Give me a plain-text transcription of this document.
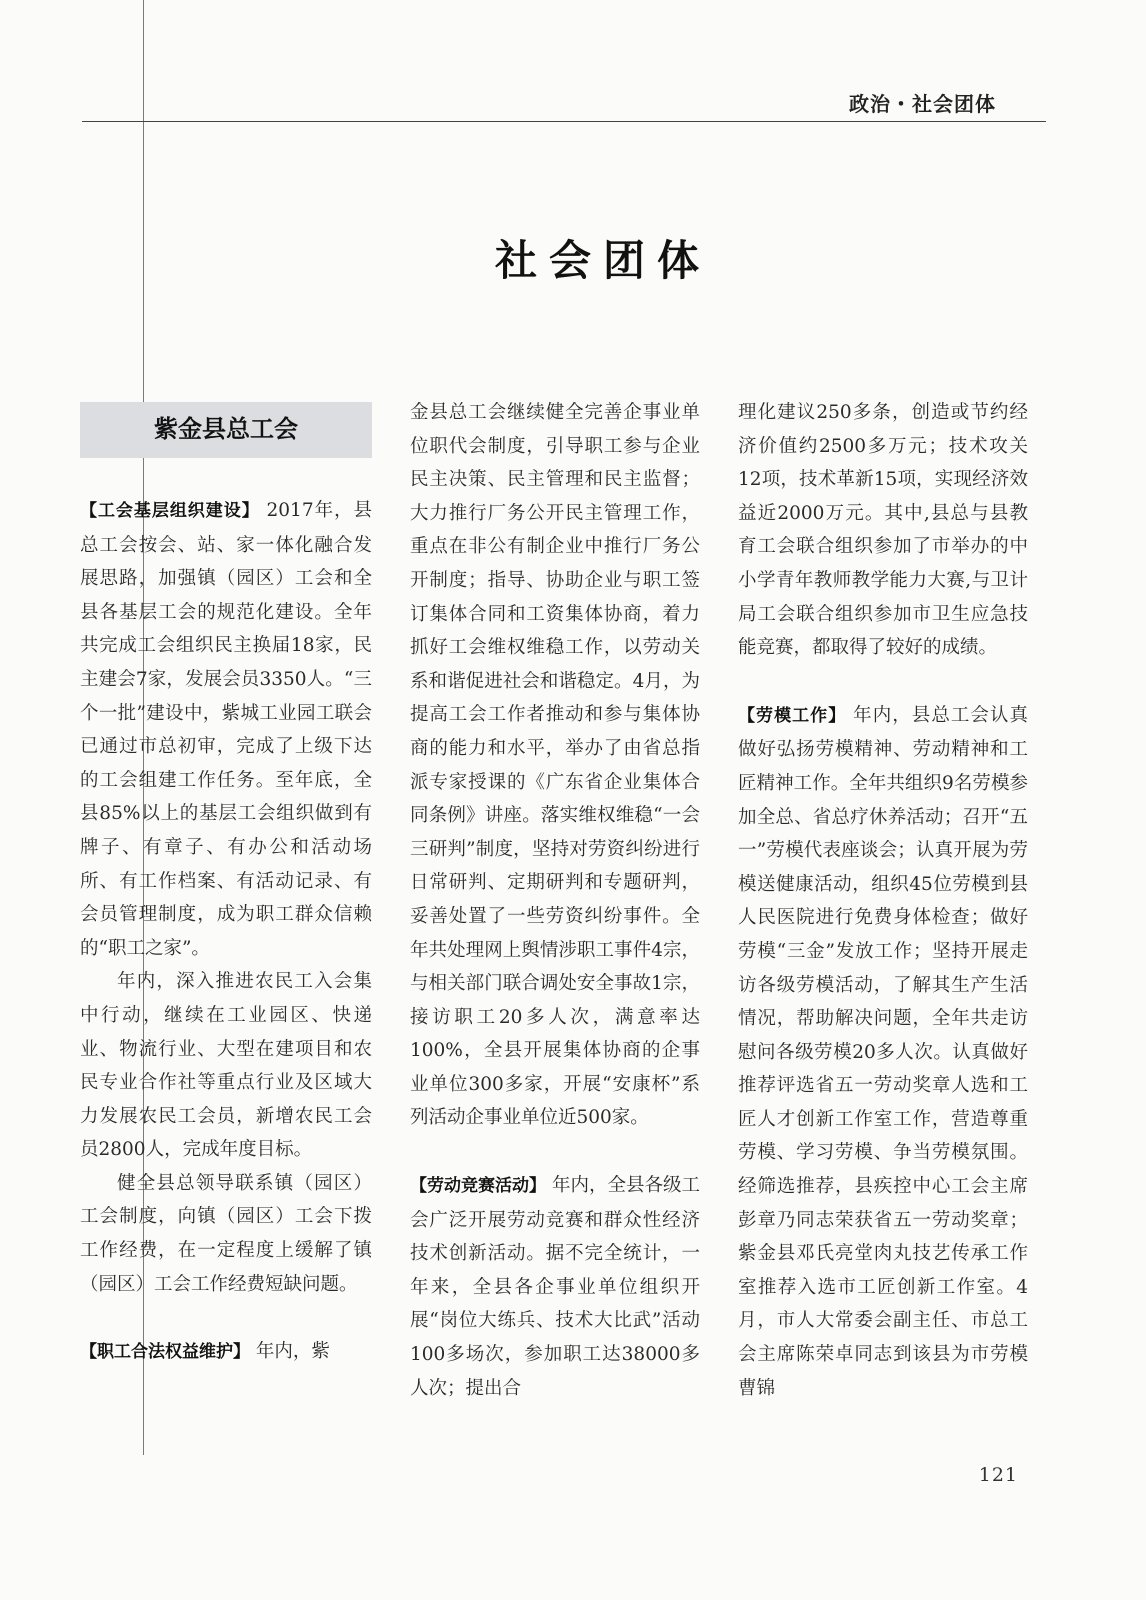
政治・社会团体
社会团体
紫金县总工会

【工会基层组织建设】 2017年，县总工会按会、站、家一体化融合发展思路，加强镇（园区）工会和全县各基层工会的规范化建设。全年共完成工会组织民主换届18家，民主建会7家，发展会员3350人。“三个一批”建设中，紫城工业园工联会已通过市总初审，完成了上级下达的工会组建工作任务。至年底，全县85%以上的基层工会组织做到有牌子、有章子、有办公和活动场所、有工作档案、有活动记录、有会员管理制度，成为职工群众信赖的“职工之家”。

年内，深入推进农民工入会集中行动，继续在工业园区、快递业、物流行业、大型在建项目和农民专业合作社等重点行业及区域大力发展农民工会员，新增农民工会员2800人，完成年度目标。

健全县总领导联系镇（园区）工会制度，向镇（园区）工会下拨工作经费，在一定程度上缓解了镇（园区）工会工作经费短缺问题。

【职工合法权益维护】 年内，紫

金县总工会继续健全完善企事业单位职代会制度，引导职工参与企业民主决策、民主管理和民主监督；大力推行厂务公开民主管理工作，重点在非公有制企业中推行厂务公开制度；指导、协助企业与职工签订集体合同和工资集体协商，着力抓好工会维权维稳工作，以劳动关系和谐促进社会和谐稳定。4月，为提高工会工作者推动和参与集体协商的能力和水平，举办了由省总指派专家授课的《广东省企业集体合同条例》讲座。落实维权维稳“一会三研判”制度，坚持对劳资纠纷进行日常研判、定期研判和专题研判，妥善处置了一些劳资纠纷事件。全年共处理网上舆情涉职工事件4宗，与相关部门联合调处安全事故1宗，接访职工20多人次，满意率达100%，全县开展集体协商的企事业单位300多家，开展“安康杯”系列活动企事业单位近500家。

【劳动竞赛活动】 年内，全县各级工会广泛开展劳动竞赛和群众性经济技术创新活动。据不完全统计，一年来，全县各企事业单位组织开展“岗位大练兵、技术大比武”活动100多场次，参加职工达38000多人次；提出合

理化建议250多条，创造或节约经济价值约2500多万元；技术攻关12项，技术革新15项，实现经济效益近2000万元。其中,县总与县教育工会联合组织参加了市举办的中小学青年教师教学能力大赛,与卫计局工会联合组织参加市卫生应急技能竞赛，都取得了较好的成绩。

【劳模工作】 年内，县总工会认真做好弘扬劳模精神、劳动精神和工匠精神工作。全年共组织9名劳模参加全总、省总疗休养活动；召开“五一”劳模代表座谈会；认真开展为劳模送健康活动，组织45位劳模到县人民医院进行免费身体检查；做好劳模“三金”发放工作；坚持开展走访各级劳模活动，了解其生产生活情况，帮助解决问题，全年共走访慰问各级劳模20多人次。认真做好推荐评选省五一劳动奖章人选和工匠人才创新工作室工作，营造尊重劳模、学习劳模、争当劳模氛围。经筛选推荐，县疾控中心工会主席彭章乃同志荣获省五一劳动奖章；紫金县邓氏亮堂肉丸技艺传承工作室推荐入选市工匠创新工作室。4月，市人大常委会副主任、市总工会主席陈荣卓同志到该县为市劳模曹锦

121
